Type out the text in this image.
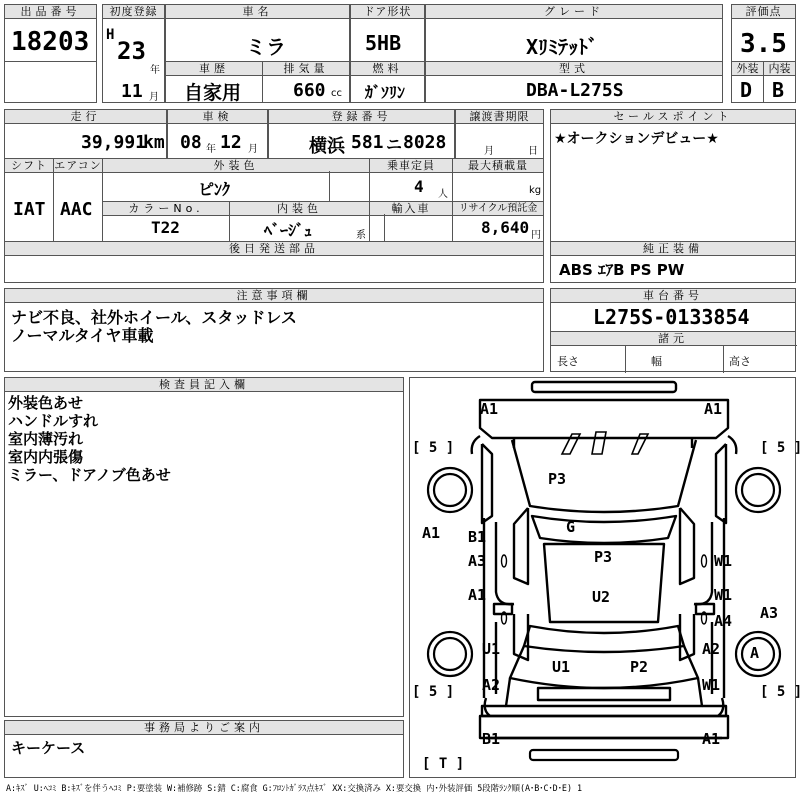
出品番号
18203
初度登録
H
23
年
11 月
車名
ミラ
車歴
自家用
排気量
660 cc
ドア形状
5HB
燃料
ｶﾞｿﾘﾝ
グレード
Xﾘﾐﾃｯﾄﾞ
型式
DBA-L275S
評価点
3.5
外装
D
内装
B
走行
39,991
km
車検
08 年 12 月
登録番号
横浜 581 ニ 8028
譲渡書期限
月	日
シフト
IAT
エアコン
AAC
外装色
ピﾝｸ
乗車定員
4 人
最大積載量
kg
カラーNo.
T22
内装色
ﾍﾞｰｼﾞｭ	系
輸入車	リサイクル預託金
8,640 円
後日発送部品
セールスポイント
★オークションデビュー★
純正装備
ABS ｴｱB PS PW
注意事項欄
ナビ不良、社外ホイール、スタッドレス
ノーマルタイヤ車載
車台番号
L275S-0133854
諸元
長さ	幅	高さ
検査員記入欄
外装色あせ
ハンドルすれ
室内薄汚れ
室内内張傷
ミラー、ドアノブ色あせ
事務局よりご案内
キーケース
[ 5 ]	[ 5 ]
[ 5 ]	[ 5 ]
[ T ]
A1	A1
A1
P3
G
B1
A3	P3	W1
A1	U2	W1
A4 A3
U1	A2
U1	P2
A2	W1
B1	A1
A
A:ｷｽﾞ U:ﾍｺﾐ B:ｷｽﾞを伴うﾍｺﾐ P:要塗装 W:補修跡 S:錆 C:腐食 G:ﾌﾛﾝﾄｶﾞﾗｽ点ｷｽﾞ XX:交換済み X:要交換 内･外装評価 5段階ﾗﾝｸ順(A･B･C･D･E) 1
